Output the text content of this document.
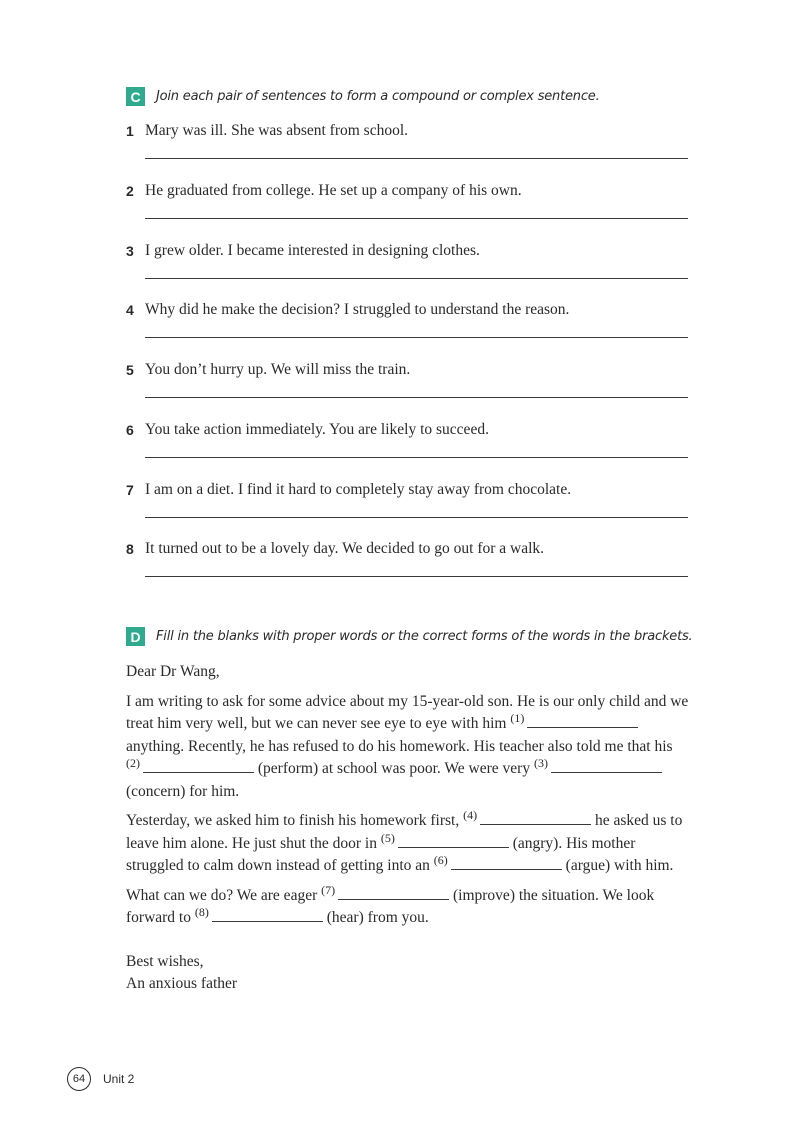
C	Join each pair of sentences to form a compound or complex sentence.
1 Mary was ill. She was absent from school.
2 He graduated from college. He set up a company of his own.
3 I grew older. I became interested in designing clothes.
4 Why did he make the decision? I struggled to understand the reason.
5 You don’t hurry up. We will miss the train.
6 You take action immediately. You are likely to succeed.
7 I am on a diet. I find it hard to completely stay away from chocolate.
8 It turned out to be a lovely day. We decided to go out for a walk.
D	Fill in the blanks with proper words or the correct forms of the words in the brackets.

Dear Dr Wang,

I am writing to ask for some advice about my 15-year-old son. He is our only child and we treat him very well, but we can never see eye to eye with him $^{(1)}$ anything. Recently, he has refused to do his homework. His teacher also told me that his $^{(2)}$	(perform) at school was poor. We were very $^{(3)}$ (concern) for him.

Yesterday, we asked him to finish his homework first, $^{(4)}$	he asked us to leave him alone. He just shut the door in $^{(5)}$	(angry). His mother struggled to calm down instead of getting into an $^{(6)}$	(argue) with him.

What can we do? We are eager $^{(7)}$	(improve) the situation. We look forward to $^{(8)}$	(hear) from you.

Best wishes,

An anxious father

64	Unit 2
